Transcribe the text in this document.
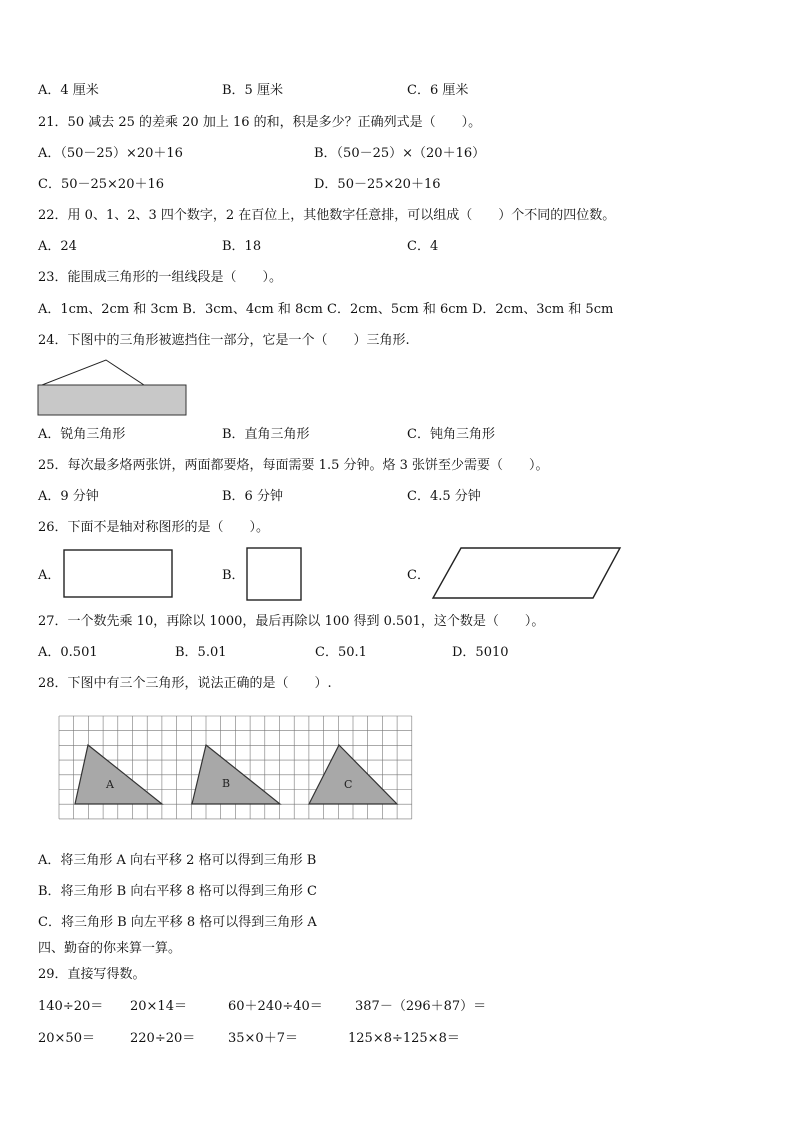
A．4 厘米	B．5 厘米	C．6 厘米
21．50 减去 25 的差乘 20 加上 16 的和，积是多少？正确列式是（　　）。
A．（50－25）×20＋16	B．（50－25）×（20＋16）
C．50－25×20＋16	D．50－25×20＋16
22．用 0、1、2、3 四个数字，2 在百位上，其他数字任意排，可以组成（　　）个不同的四位数。
A．24	B．18	C．4
23．能围成三角形的一组线段是（　　）。
A．1cm、2cm 和 3cm B．3cm、4cm 和 8cm C．2cm、5cm 和 6cm D．2cm、3cm 和 5cm
24．下图中的三角形被遮挡住一部分，它是一个（　　）三角形.
A．锐角三角形	B．直角三角形	C．钝角三角形
25．每次最多烙两张饼，两面都要烙，每面需要 1.5 分钟。烙 3 张饼至少需要（　　）。
A．9 分钟	B．6 分钟	C．4.5 分钟
26．下面不是轴对称图形的是（　　）。
A．	B．	C．
27．一个数先乘 10，再除以 1000，最后再除以 100 得到 0.501，这个数是（　　）。
A．0.501	B．5.01	C．50.1	D．5010
28．下图中有三个三角形，说法正确的是（　　）.
A	B	C
A．将三角形 A 向右平移 2 格可以得到三角形 B
B．将三角形 B 向右平移 8 格可以得到三角形 C
C．将三角形 B 向左平移 8 格可以得到三角形 A
四、勤奋的你来算一算。
29．直接写得数。
140÷20＝ 20×14＝	60＋240÷40＝ 387－（296＋87）＝
20×50＝	220÷20＝	35×0＋7＝	125×8÷125×8＝
